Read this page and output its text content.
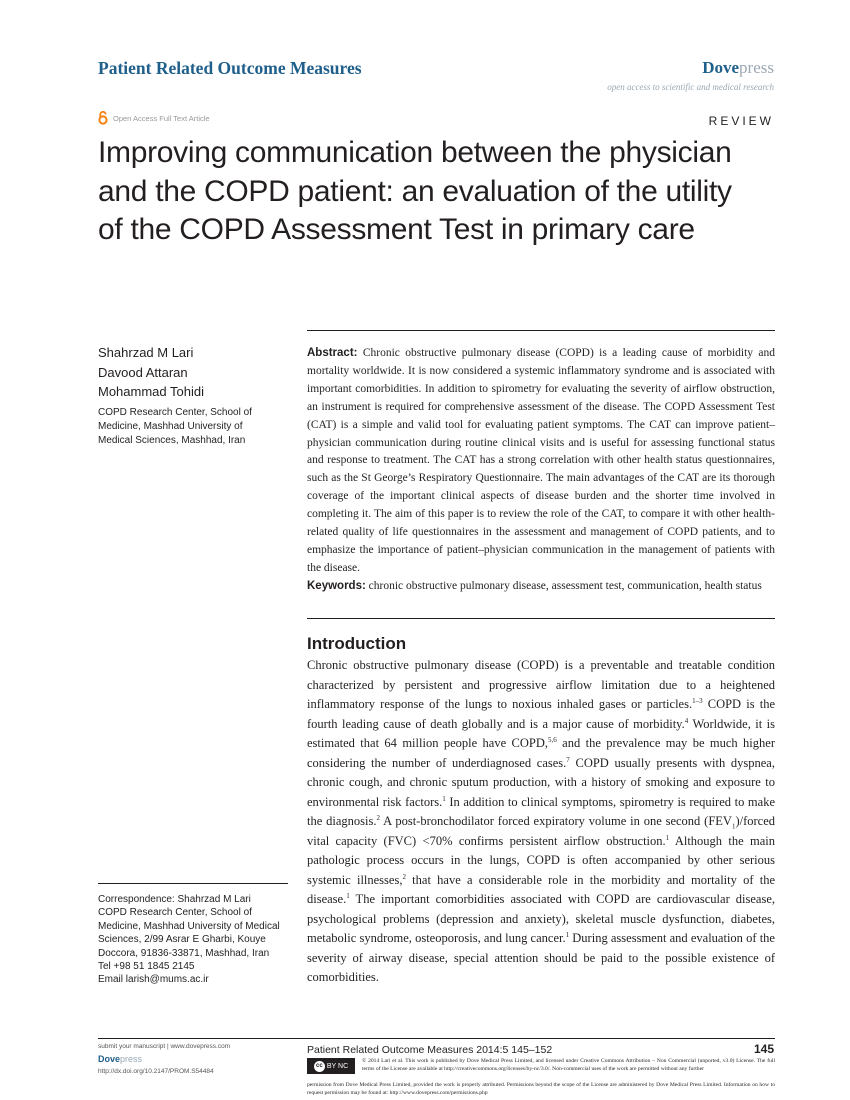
Patient Related Outcome Measures	Dovepress
open access to scientific and medical research
Open Access Full Text Article	REVIEW
Improving communication between the physician
and the COPD patient: an evaluation of the utility
of the COPD Assessment Test in primary care
Shahrzad M Lari
Davood Attaran
Mohammad Tohidi
COPD Research Center, School of
Medicine, Mashhad University of
Medical Sciences, Mashhad, Iran
Abstract: Chronic obstructive pulmonary disease (COPD) is a leading cause of morbidity and mortality worldwide. It is now considered a systemic inflammatory syndrome and is associated with important comorbidities. In addition to spirometry for evaluating the severity of airflow obstruction, an instrument is required for comprehensive assessment of the disease. The COPD Assessment Test (CAT) is a simple and valid tool for evaluating patient symptoms. The CAT can improve patient–physician communication during routine clinical visits and is useful for assessing functional status and response to treatment. The CAT has a strong correlation with other health status questionnaires, such as the St George’s Respiratory Questionnaire. The main advantages of the CAT are its thorough coverage of the important clinical aspects of disease burden and the shorter time involved in completing it. The aim of this paper is to review the role of the CAT, to compare it with other health-related quality of life questionnaires in the assessment and management of COPD patients, and to emphasize the importance of patient–physician communication in the management of patients with the disease.
Keywords: chronic obstructive pulmonary disease, assessment test, communication, health status
Introduction
Chronic obstructive pulmonary disease (COPD) is a preventable and treatable condition characterized by persistent and progressive airflow limitation due to a heightened inflammatory response of the lungs to noxious inhaled gases or particles.$^{1-3}$ COPD is the fourth leading cause of death globally and is a major cause of morbidity.$^4$ Worldwide, it is estimated that 64 million people have COPD,$^{5,6}$ and the prevalence may be much higher considering the number of underdiagnosed cases.$^7$ COPD usually presents with dyspnea, chronic cough, and chronic sputum production, with a history of smoking and exposure to environmental risk factors.$^1$ In addition to clinical symptoms, spirometry is required to make the diagnosis.$^2$ A post-bronchodilator forced expiratory volume in one second $(FEV_1)$/forced vital capacity (FVC) <70% confirms persistent airflow obstruction.$^1$ Although the main pathologic process occurs in the lungs, COPD is often accompanied by other serious systemic illnesses,$^2$ that have a considerable role in the morbidity and mortality of the disease.$^1$ The important comorbidities associated with COPD are cardiovascular disease, psychological problems (depression and anxiety), skeletal muscle dysfunction, diabetes, metabolic syndrome, osteoporosis, and lung cancer.$^1$ During assessment and evaluation of the severity of airway disease, special attention should be paid to the possible existence of comorbidities.
Correspondence: Shahrzad M Lari
COPD Research Center, School of
Medicine, Mashhad University of Medical
Sciences, 2/99 Asrar E Gharbi, Kouye
Doccora, 91836-33871, Mashhad, Iran
Tel +98 51 1845 2145
Email larish@mums.ac.ir
submit your manuscript | www.dovepress.com
Dovepress
http://dx.doi.org/10.2147/PROM.S54484
Patient Related Outcome Measures 2014:5 145–152	145
cc BY NC
© 2014 Lari et al. This work is published by Dove Medical Press Limited, and licensed under Creative Commons Attribution – Non Commercial (unported, v3.0) License. The full terms of the License are available at http://creativecommons.org/licenses/by-nc/3.0/. Non-commercial uses of the work are permitted without any further
permission from Dove Medical Press Limited, provided the work is properly attributed. Permissions beyond the scope of the License are administered by Dove Medical Press Limited. Information on how to request permission may be found at: http://www.dovepress.com/permissions.php
